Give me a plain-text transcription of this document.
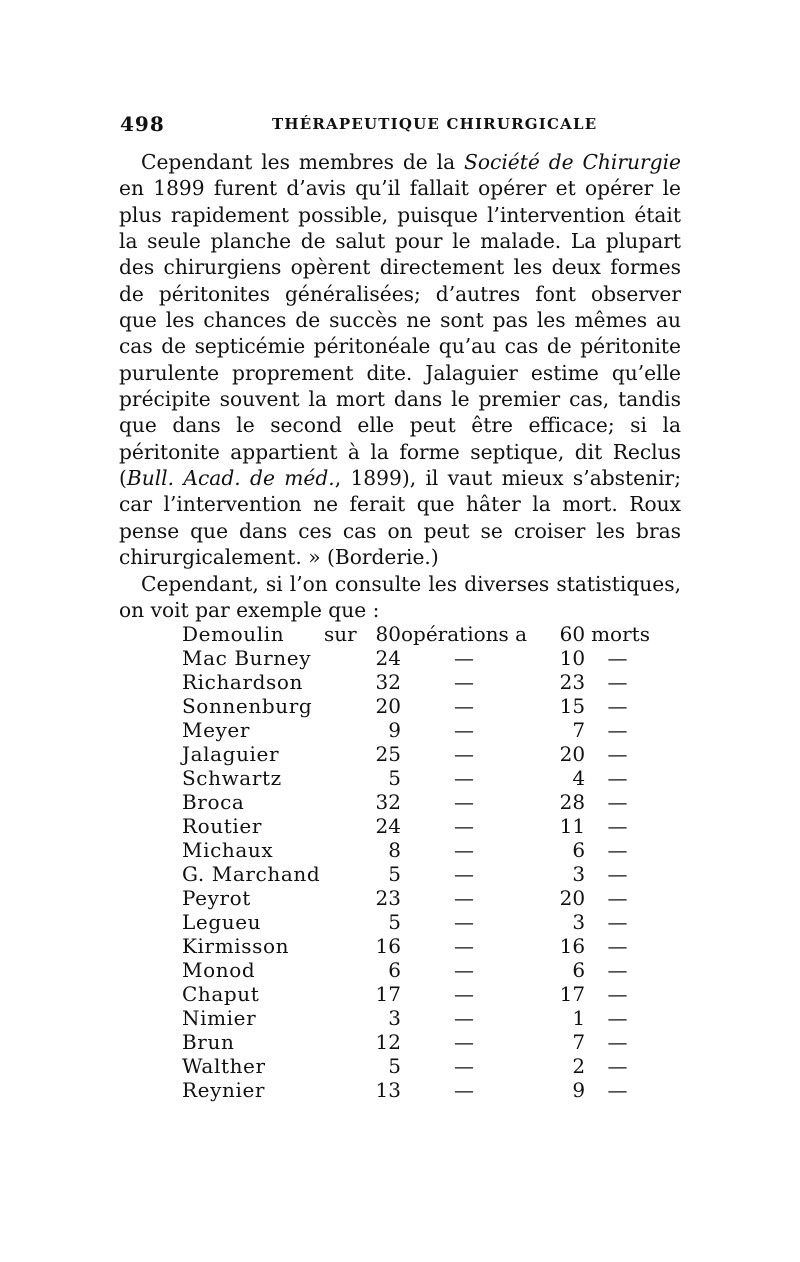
498	THÉRAPEUTIQUE CHIRURGICALE

Cependant les membres de la Société de Chirurgie en 1899 furent d’avis qu’il fallait opérer et opérer le plus rapidement possible, puisque l’intervention était la seule planche de salut pour le malade. La plupart des chirurgiens opèrent directement les deux formes de péritonites généralisées; d’autres font observer que les chances de succès ne sont pas les mêmes au cas de septicémie péritonéale qu’au cas de péritonite purulente proprement dite. Jalaguier estime qu’elle précipite souvent la mort dans le premier cas, tandis que dans le second elle peut être efficace; si la péritonite appartient à la forme septique, dit Reclus (Bull. Acad. de méd., 1899), il vaut mieux s’abstenir; car l’intervention ne ferait que hâter la mort. Roux pense que dans ces cas on peut se croiser les bras chirurgicalement. » (Borderie.)

Cependant, si l’on consulte les diverses statistiques, on voit par exemple que :

Demoulin	sur	80	opérations a	60	morts
Mac Burney		24	—	10	—
Richardson		32	—	23	—
Sonnenburg		20	—	15	—
Meyer		9	—	7	—
Jalaguier		25	—	20	—
Schwartz		5	—	4	—
Broca		32	—	28	—
Routier		24	—	11	—
Michaux		8	—	6	—
G. Marchand		5	—	3	—
Peyrot		23	—	20	—
Legueu		5	—	3	—
Kirmisson		16	—	16	—
Monod		6	—	6	—
Chaput		17	—	17	—
Nimier		3	—	1	—
Brun		12	—	7	—
Walther		5	—	2	—
Reynier		13	—	9	—
